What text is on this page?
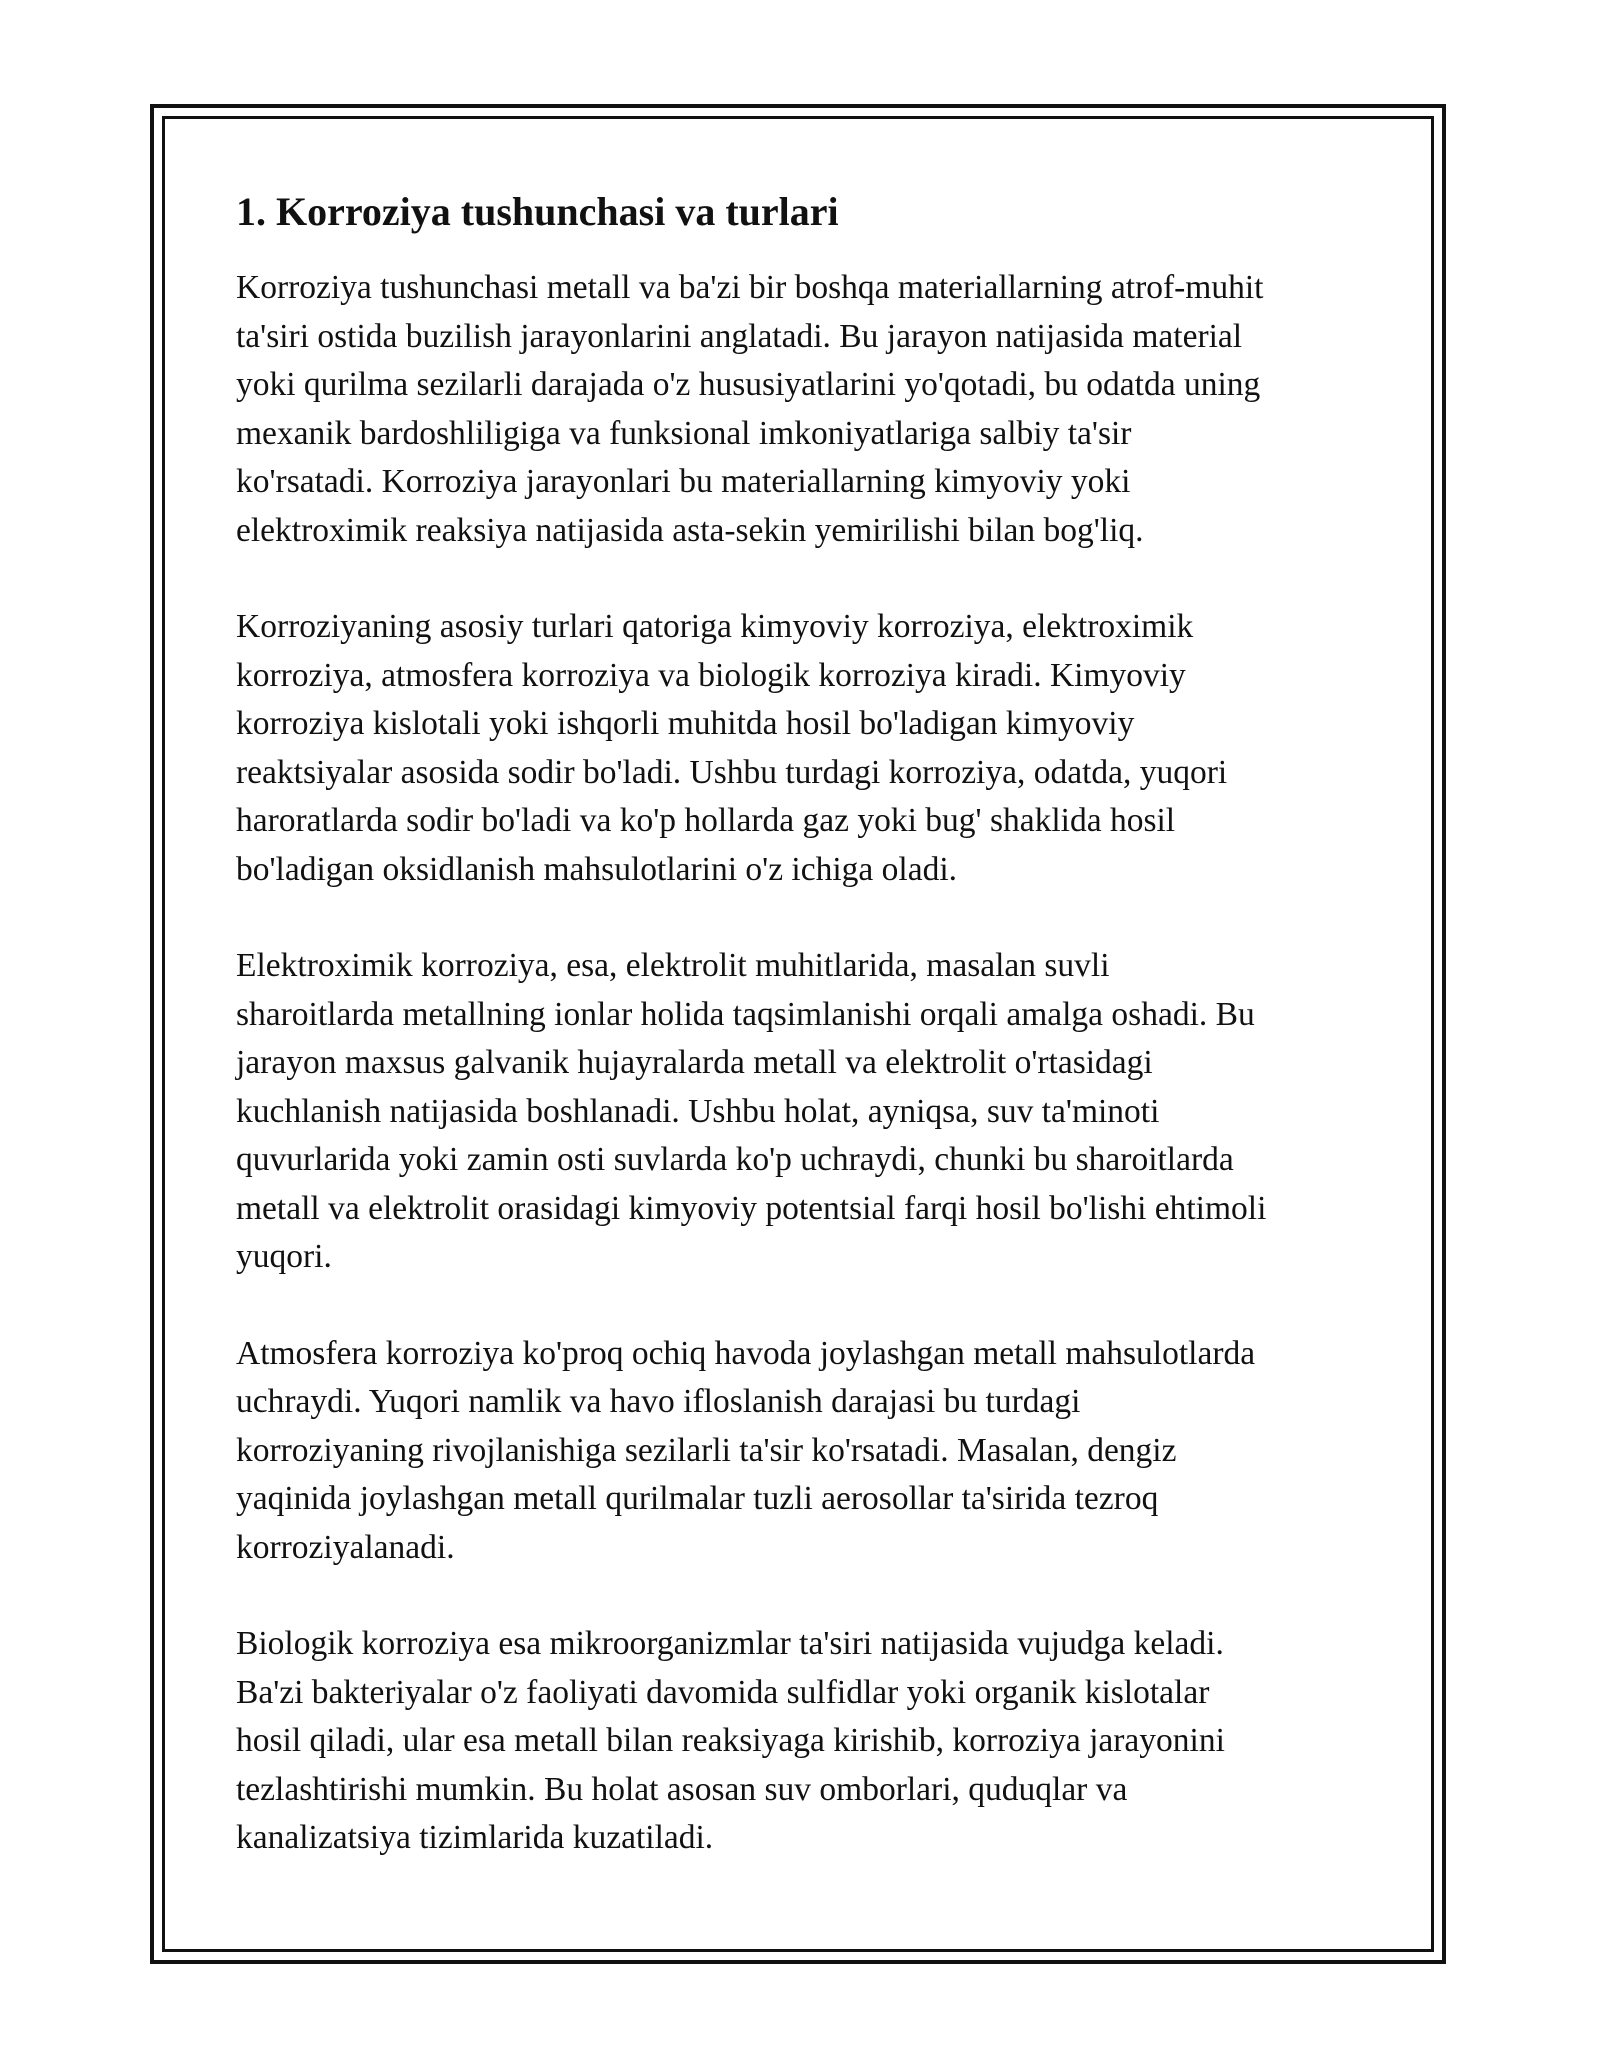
1. Korroziya tushunchasi va turlari

Korroziya tushunchasi metall va ba'zi bir boshqa materiallarning atrof-muhit
ta'siri ostida buzilish jarayonlarini anglatadi. Bu jarayon natijasida material
yoki qurilma sezilarli darajada o'z hususiyatlarini yo'qotadi, bu odatda uning
mexanik bardoshliligiga va funksional imkoniyatlariga salbiy ta'sir
ko'rsatadi. Korroziya jarayonlari bu materiallarning kimyoviy yoki
elektroximik reaksiya natijasida asta-sekin yemirilishi bilan bog'liq.

Korroziyaning asosiy turlari qatoriga kimyoviy korroziya, elektroximik
korroziya, atmosfera korroziya va biologik korroziya kiradi. Kimyoviy
korroziya kislotali yoki ishqorli muhitda hosil bo'ladigan kimyoviy
reaktsiyalar asosida sodir bo'ladi. Ushbu turdagi korroziya, odatda, yuqori
haroratlarda sodir bo'ladi va ko'p hollarda gaz yoki bug' shaklida hosil
bo'ladigan oksidlanish mahsulotlarini o'z ichiga oladi.

Elektroximik korroziya, esa, elektrolit muhitlarida, masalan suvli
sharoitlarda metallning ionlar holida taqsimlanishi orqali amalga oshadi. Bu
jarayon maxsus galvanik hujayralarda metall va elektrolit o'rtasidagi
kuchlanish natijasida boshlanadi. Ushbu holat, ayniqsa, suv ta'minoti
quvurlarida yoki zamin osti suvlarda ko'p uchraydi, chunki bu sharoitlarda
metall va elektrolit orasidagi kimyoviy potentsial farqi hosil bo'lishi ehtimoli
yuqori.

Atmosfera korroziya ko'proq ochiq havoda joylashgan metall mahsulotlarda
uchraydi. Yuqori namlik va havo ifloslanish darajasi bu turdagi
korroziyaning rivojlanishiga sezilarli ta'sir ko'rsatadi. Masalan, dengiz
yaqinida joylashgan metall qurilmalar tuzli aerosollar ta'sirida tezroq
korroziyalanadi.

Biologik korroziya esa mikroorganizmlar ta'siri natijasida vujudga keladi.
Ba'zi bakteriyalar o'z faoliyati davomida sulfidlar yoki organik kislotalar
hosil qiladi, ular esa metall bilan reaksiyaga kirishib, korroziya jarayonini
tezlashtirishi mumkin. Bu holat asosan suv omborlari, quduqlar va
kanalizatsiya tizimlarida kuzatiladi.
